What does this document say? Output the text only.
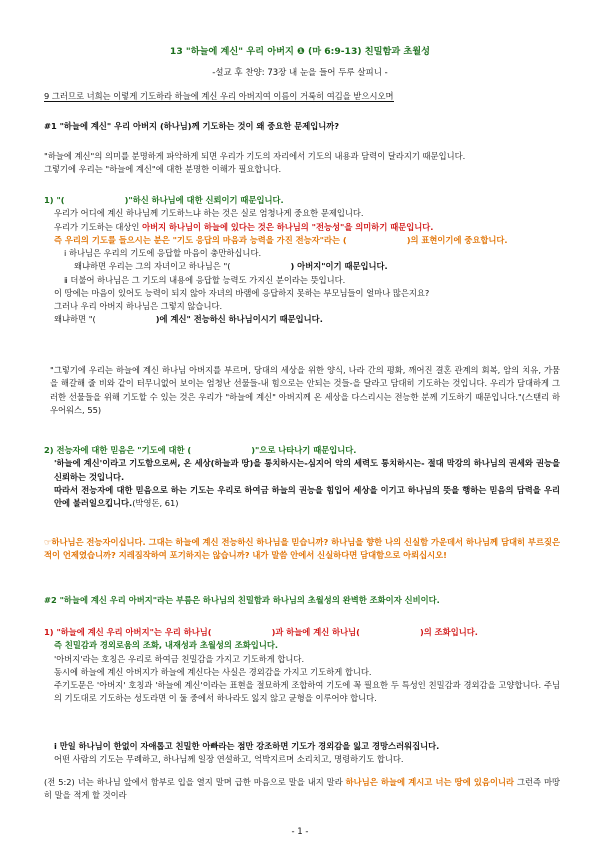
13 "하늘에 계신" 우리 아버지 ❶ (마 6:9-13) 친밀함과 초월성
-설교 후 찬양: 73장 내 눈을 들어 두루 살피니 -
9 그러므로 너희는 이렇게 기도하라 하늘에 계신 우리 아버지여 이름이 거룩히 여김을 받으시오며
#1 "하늘에 계신" 우리 아버지 (하나님)께 기도하는 것이 왜 중요한 문제입니까?

"하늘에 계신"의 의미를 분명하게 파악하게 되면 우리가 기도의 자리에서 기도의 내용과 담력이 달라지기 때문입니다.

그렇기에 우리는 "하늘에 계신"에 대한 분명한 이해가 필요합니다.

1) "(	)"하신 하나님에 대한 신뢰이기 때문입니다.

우리가 어디에 계신 하나님께 기도하느냐 하는 것은 실로 엄청나게 중요한 문제입니다.

우리가 기도하는 대상인 아버지 하나님이 하늘에 있다는 것은 하나님의 "전능성"을 의미하기 때문입니다.

즉 우리의 기도를 들으시는 분은 "기도 응답의 마음과 능력을 가진 전능자"라는 (	)의 표현이기에 중요합니다.

ⅰ 하나님은 우리의 기도에 응답할 마음이 충만하십니다.

왜냐하면 우리는 그의 자녀이고 하나님은 "(	) 아버지"이기 때문입니다.

ⅱ 더불어 하나님은 그 기도의 내용에 응답할 능력도 가지신 분이라는 뜻입니다.

이 땅에는 마음이 있어도 능력이 되지 않아 자녀의 바램에 응답하지 못하는 부모님들이 얼마나 많은지요?

그러나 우리 아버지 하나님은 그렇지 않습니다.

왜냐하면 "(	)에 계신" 전능하신 하나님이시기 때문입니다.

"그렇기에 우리는 하늘에 계신 하나님 아버지를 부르며, 당대의 세상을 위한 양식, 나라 간의 평화, 깨어진 결혼 관계의 회복, 암의 치유, 가뭄을 해갈해 줄 비와 같이 터무니없어 보이는 엄청난 선물들-내 힘으로는 안되는 것들-을 달라고 담대히 기도하는 것입니다. 우리가 담대하게 그러한 선물들을 위해 기도할 수 있는 것은 우리가 "하늘에 계신" 아버지께 온 세상을 다스리시는 전능한 분께 기도하기 때문입니다."(스탠리 하우어워스, 55)

2) 전능자에 대한 믿음은 "기도에 대한 (	)"으로 나타나기 때문입니다.

'하늘에 계신'이라고 기도함으로써, 온 세상(하늘과 땅)을 통치하시는-심지어 악의 세력도 통치하시는- 절대 막강의 하나님의 권세와 권능을 신뢰하는 것입니다.

따라서 전능자에 대한 믿음으로 하는 기도는 우리로 하여금 하늘의 권능을 힘입어 세상을 이기고 하나님의 뜻을 행하는 믿음의 담력을 우리 안에 불러일으킵니다.(박영돈, 61)

☞하나님은 전능자이십니다. 그대는 하늘에 계신 전능하신 하나님을 믿습니까? 하나님을 향한 나의 신실함 가운데서 하나님께 담대히 부르짖은 적이 언제였습니까? 지레짐작하여 포기하지는 않습니까? 내가 말씀 안에서 신실하다면 담대함으로 아뢰십시오!

#2 "하늘에 계신 우리 아버지"라는 부름은 하나님의 친밀함과 하나님의 초월성의 완벽한 조화이자 신비이다.

1) "하늘에 계신 우리 아버지"는 우리 하나님(	)과 하늘에 계신 하나님(	)의 조화입니다.

즉 친밀감과 경외로움의 조화, 내재성과 초월성의 조화입니다.

'아버지'라는 호칭은 우리로 하여금 친밀감을 가지고 기도하게 합니다.

동시에 하늘에 계신 아버지가 하늘에 계신다는 사실은 경외감을 가지고 기도하게 합니다.

주기도문은 '아버지' 호칭과 '하늘에 계신'이라는 표현을 절묘하게 조합하여 기도에 꼭 필요한 두 특성인 친밀감과 경외감을 고양합니다. 주님의 기도대로 기도하는 성도라면 이 둘 중에서 하나라도 잃지 않고 균형을 이루어야 합니다.

ⅰ 만일 하나님이 한없이 자애롭고 친밀한 아빠라는 점만 강조하면 기도가 경외감을 잃고 경망스러워집니다.

어떤 사람의 기도는 무례하고, 하나님께 일장 연설하고, 억박지르며 소리치고, 명령하기도 합니다.

(전 5:2) 너는 하나님 앞에서 함부로 입을 열지 말며 급한 마음으로 말을 내지 말라 하나님은 하늘에 계시고 너는 땅에 있음이니라 그런즉 마땅히 말을 적게 할 것이라

- 1 -
